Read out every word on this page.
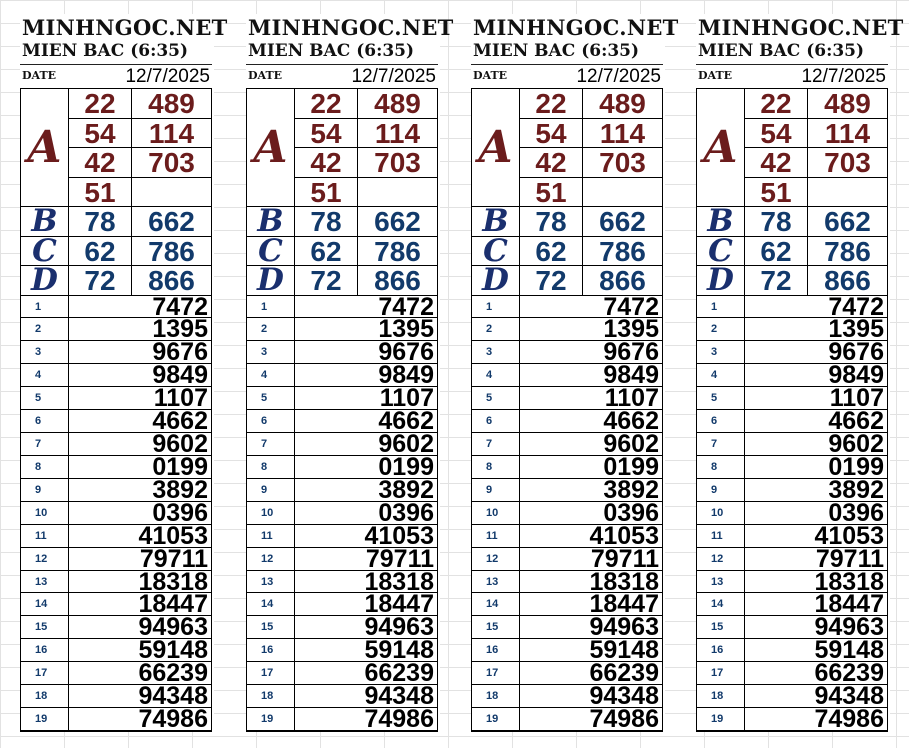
MINHNGOC.NET
MIEN BAC (6:35)
DATE	12/7/2025
A
22	489
54	114
42	703
51
B 78	662
C 62	786
D 72	866
1	7472
2	1395
3	9676
4	9849
5	1107
6	4662
7	9602
8	0199
9	3892
10	0396
11	41053
12	79711
13	18318
14	18447
15	94963
16	59148
17	66239
18	94348
19	74986
MINHNGOC.NET
MIEN BAC (6:35)
DATE	12/7/2025
A
22	489
54	114
42	703
51
B 78	662
C 62	786
D 72	866
1	7472
2	1395
3	9676
4	9849
5	1107
6	4662
7	9602
8	0199
9	3892
10	0396
11	41053
12	79711
13	18318
14	18447
15	94963
16	59148
17	66239
18	94348
19	74986
MINHNGOC.NET
MIEN BAC (6:35)
DATE	12/7/2025
A
22	489
54	114
42	703
51
B 78	662
C 62	786
D 72	866
1	7472
2	1395
3	9676
4	9849
5	1107
6	4662
7	9602
8	0199
9	3892
10	0396
11	41053
12	79711
13	18318
14	18447
15	94963
16	59148
17	66239
18	94348
19	74986
MINHNGOC.NET
MIEN BAC (6:35)
DATE	12/7/2025
A
22	489
54	114
42	703
51
B 78	662
C 62	786
D 72	866
1	7472
2	1395
3	9676
4	9849
5	1107
6	4662
7	9602
8	0199
9	3892
10	0396
11	41053
12	79711
13	18318
14	18447
15	94963
16	59148
17	66239
18	94348
19	74986
